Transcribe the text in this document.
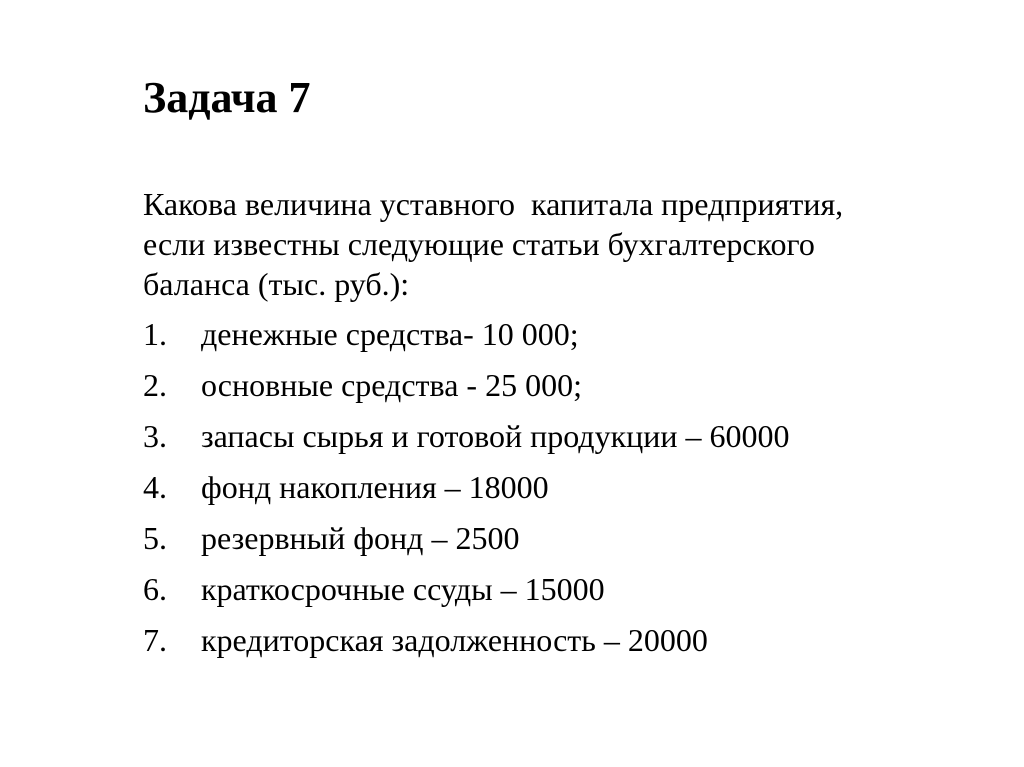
Задача 7

Какова величина уставного  капитала предприятия,
если известны следующие статьи бухгалтерского
баланса (тыс. руб.):

1.	денежные средства- 10 000;
2.	основные средства - 25 000;
3.	запасы сырья и готовой продукции – 60000
4.	фонд накопления – 18000
5.	резервный фонд – 2500
6.	краткосрочные ссуды – 15000
7.	кредиторская задолженность – 20000
